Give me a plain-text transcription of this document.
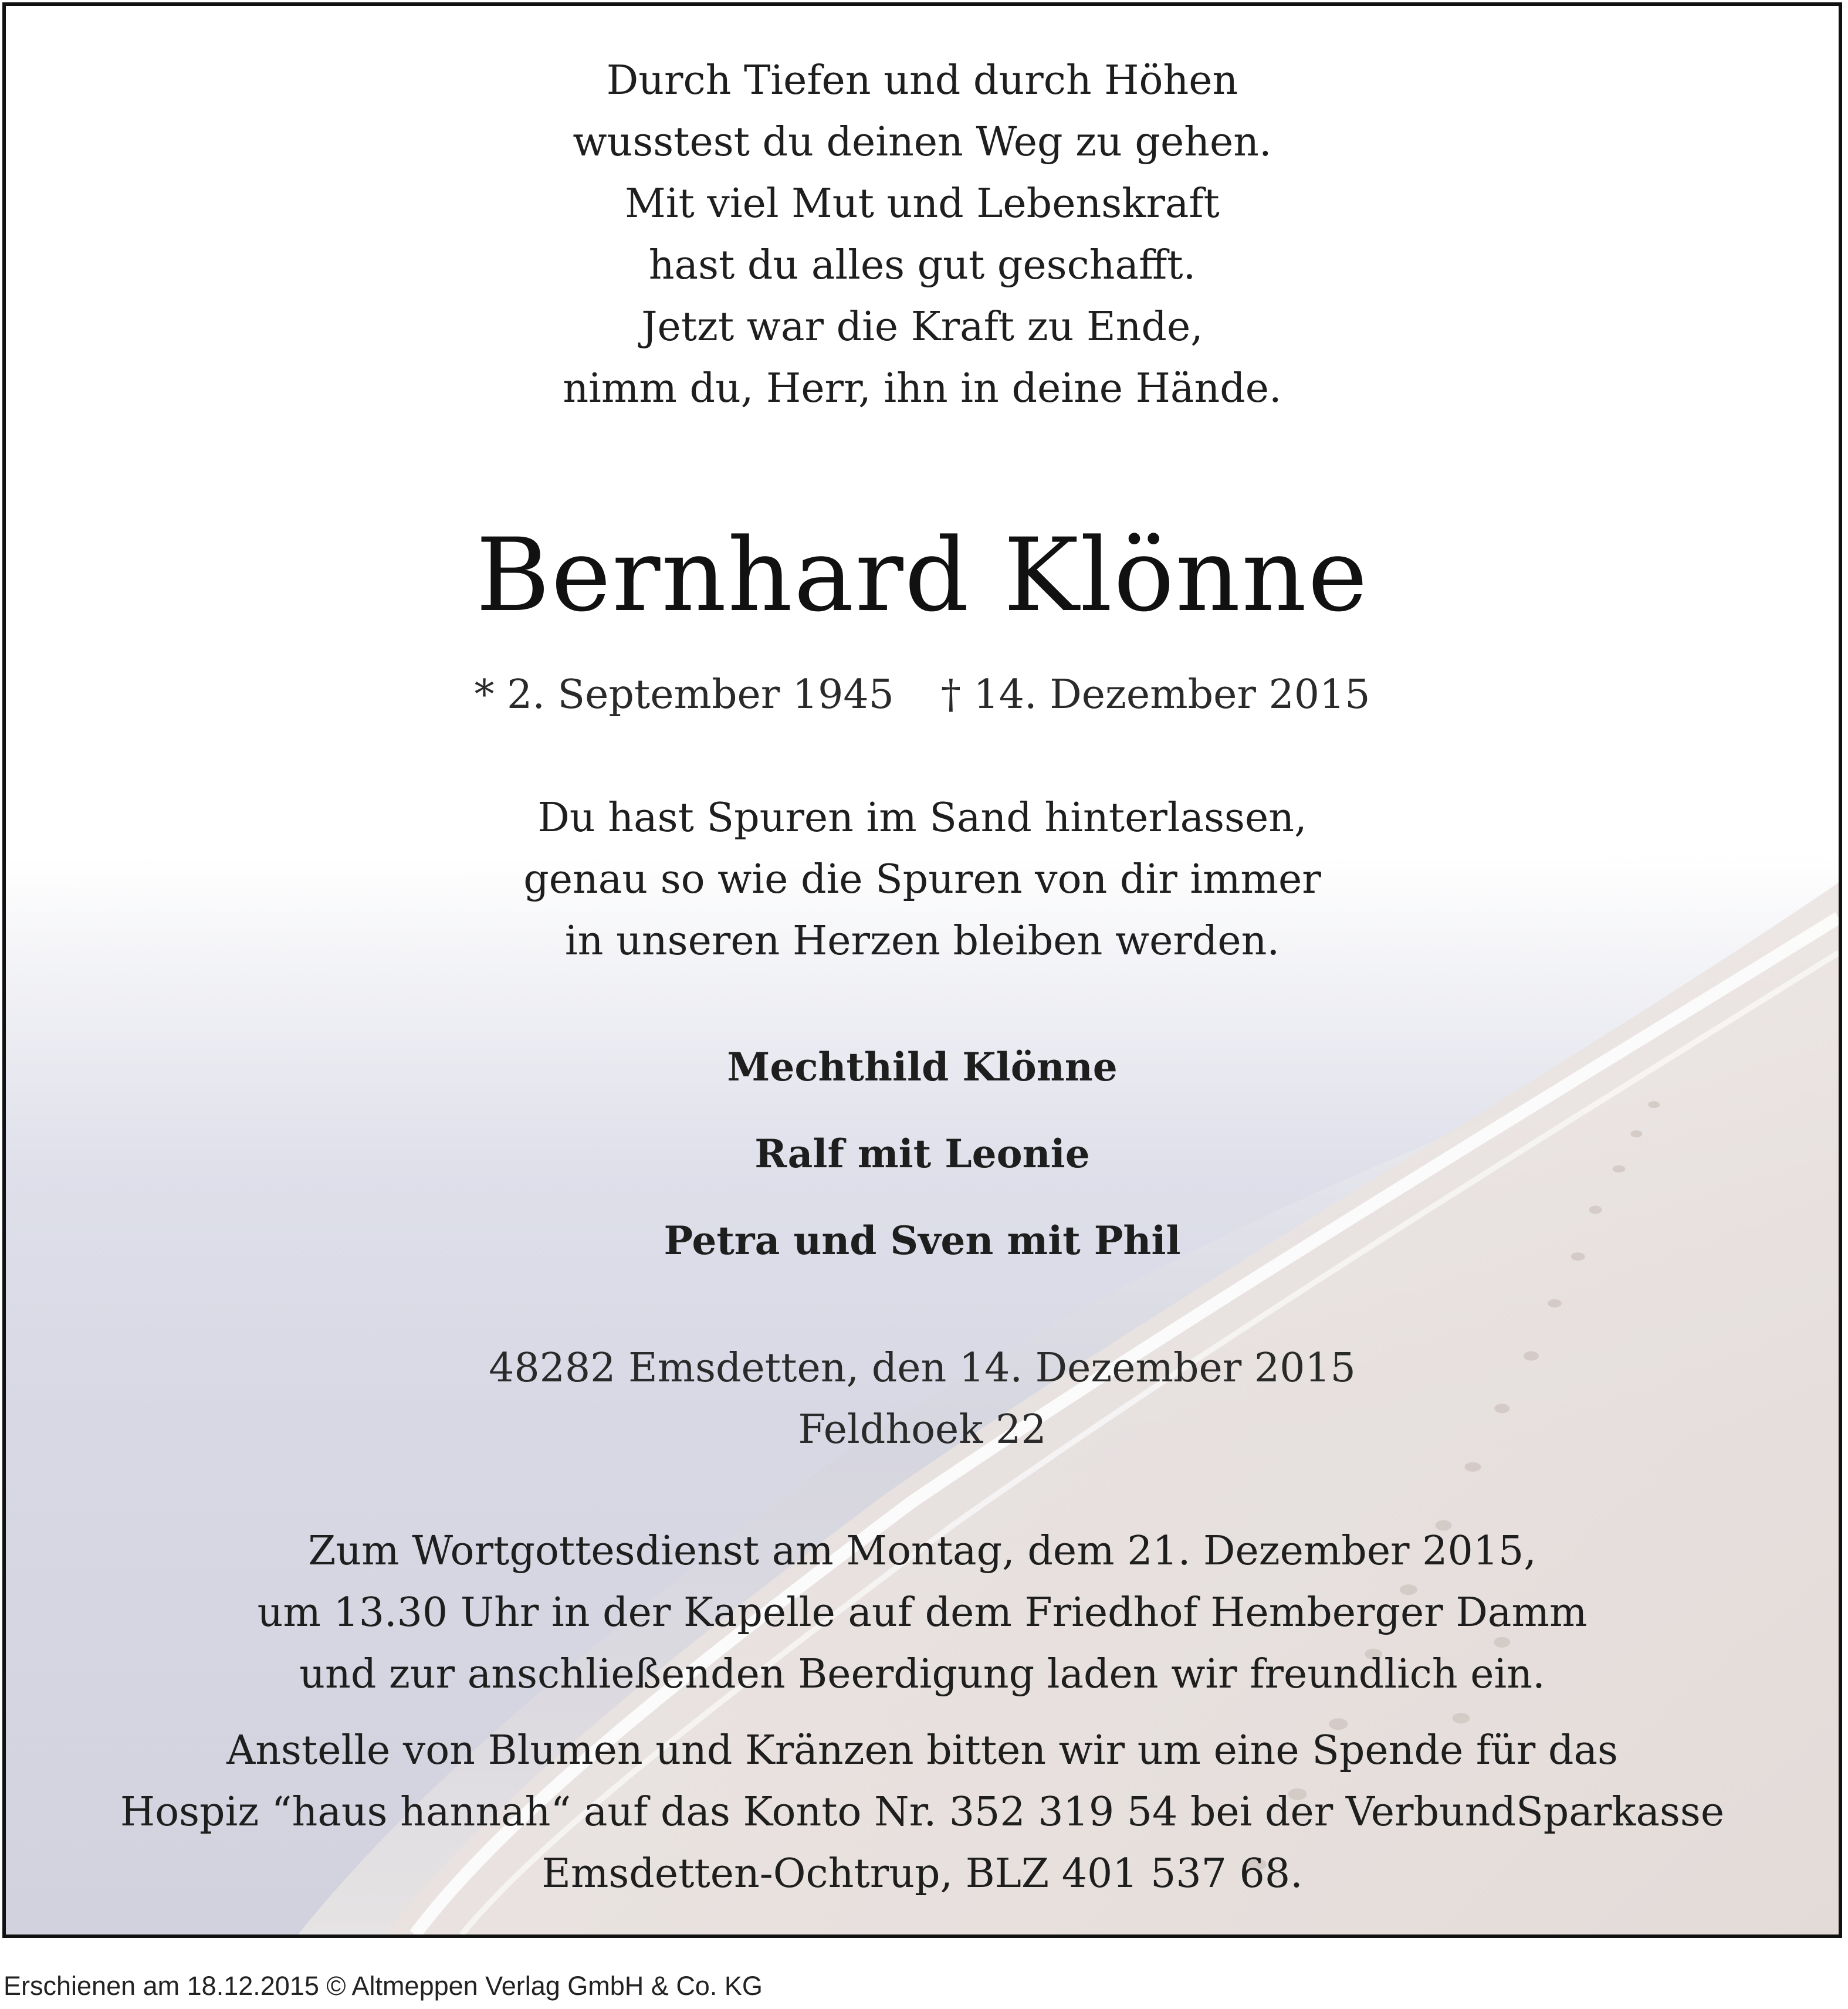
Durch Tiefen und durch Höhen
wusstest du deinen Weg zu gehen.
Mit viel Mut und Lebenskraft
hast du alles gut geschafft.
Jetzt war die Kraft zu Ende,
nimm du, Herr, ihn in deine Hände.
Bernhard Klönne
* 2. September 1945 † 14. Dezember 2015
Du hast Spuren im Sand hinterlassen,
genau so wie die Spuren von dir immer
in unseren Herzen bleiben werden.
Mechthild Klönne
Ralf mit Leonie
Petra und Sven mit Phil
48282 Emsdetten, den 14. Dezember 2015
Feldhoek 22
Zum Wortgottesdienst am Montag, dem 21. Dezember 2015,
um 13.30 Uhr in der Kapelle auf dem Friedhof Hemberger Damm
und zur anschließenden Beerdigung laden wir freundlich ein.
Anstelle von Blumen und Kränzen bitten wir um eine Spende für das
Hospiz “haus hannah“ auf das Konto Nr. 352 319 54 bei der VerbundSparkasse
Emsdetten-Ochtrup, BLZ 401 537 68.
Erschienen am 18.12.2015 © Altmeppen Verlag GmbH & Co. KG
